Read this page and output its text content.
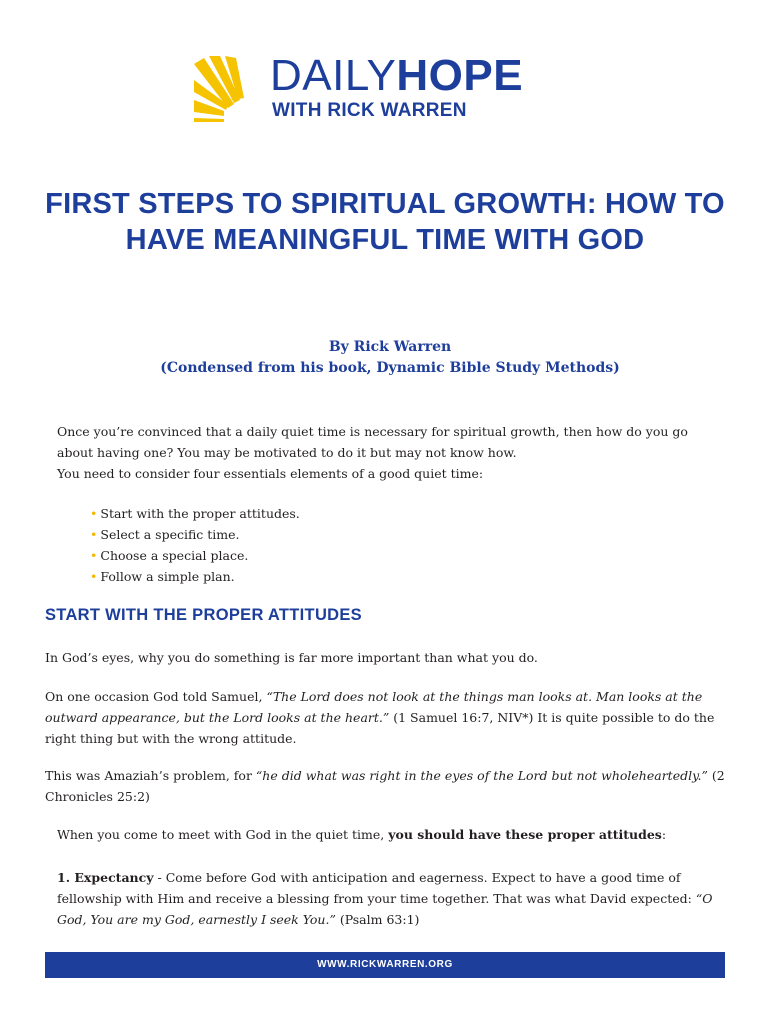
DAILYHOPE
WITH RICK WARREN
FIRST STEPS TO SPIRITUAL GROWTH: HOW TO HAVE MEANINGFUL TIME WITH GOD
By Rick Warren
(Condensed from his book, Dynamic Bible Study Methods)
Once you’re convinced that a daily quiet time is necessary for spiritual growth, then how do you go about having one? You may be motivated to do it but may not know how.
You need to consider four essentials elements of a good quiet time:
• Start with the proper attitudes.
• Select a specific time.
• Choose a special place.
• Follow a simple plan.
START WITH THE PROPER ATTITUDES

In God’s eyes, why you do something is far more important than what you do.

On one occasion God told Samuel, “The Lord does not look at the things man looks at. Man looks at the outward appearance, but the Lord looks at the heart.” (1 Samuel 16:7, NIV*) It is quite possible to do the right thing but with the wrong attitude.

This was Amaziah’s problem, for “he did what was right in the eyes of the Lord but not wholeheartedly.” (2 Chronicles 25:2)

When you come to meet with God in the quiet time, you should have these proper attitudes:

1. Expectancy - Come before God with anticipation and eagerness. Expect to have a good time of fellowship with Him and receive a blessing from your time together. That was what David expected: “O God, You are my God, earnestly I seek You.” (Psalm 63:1)

WWW.RICKWARREN.ORG
